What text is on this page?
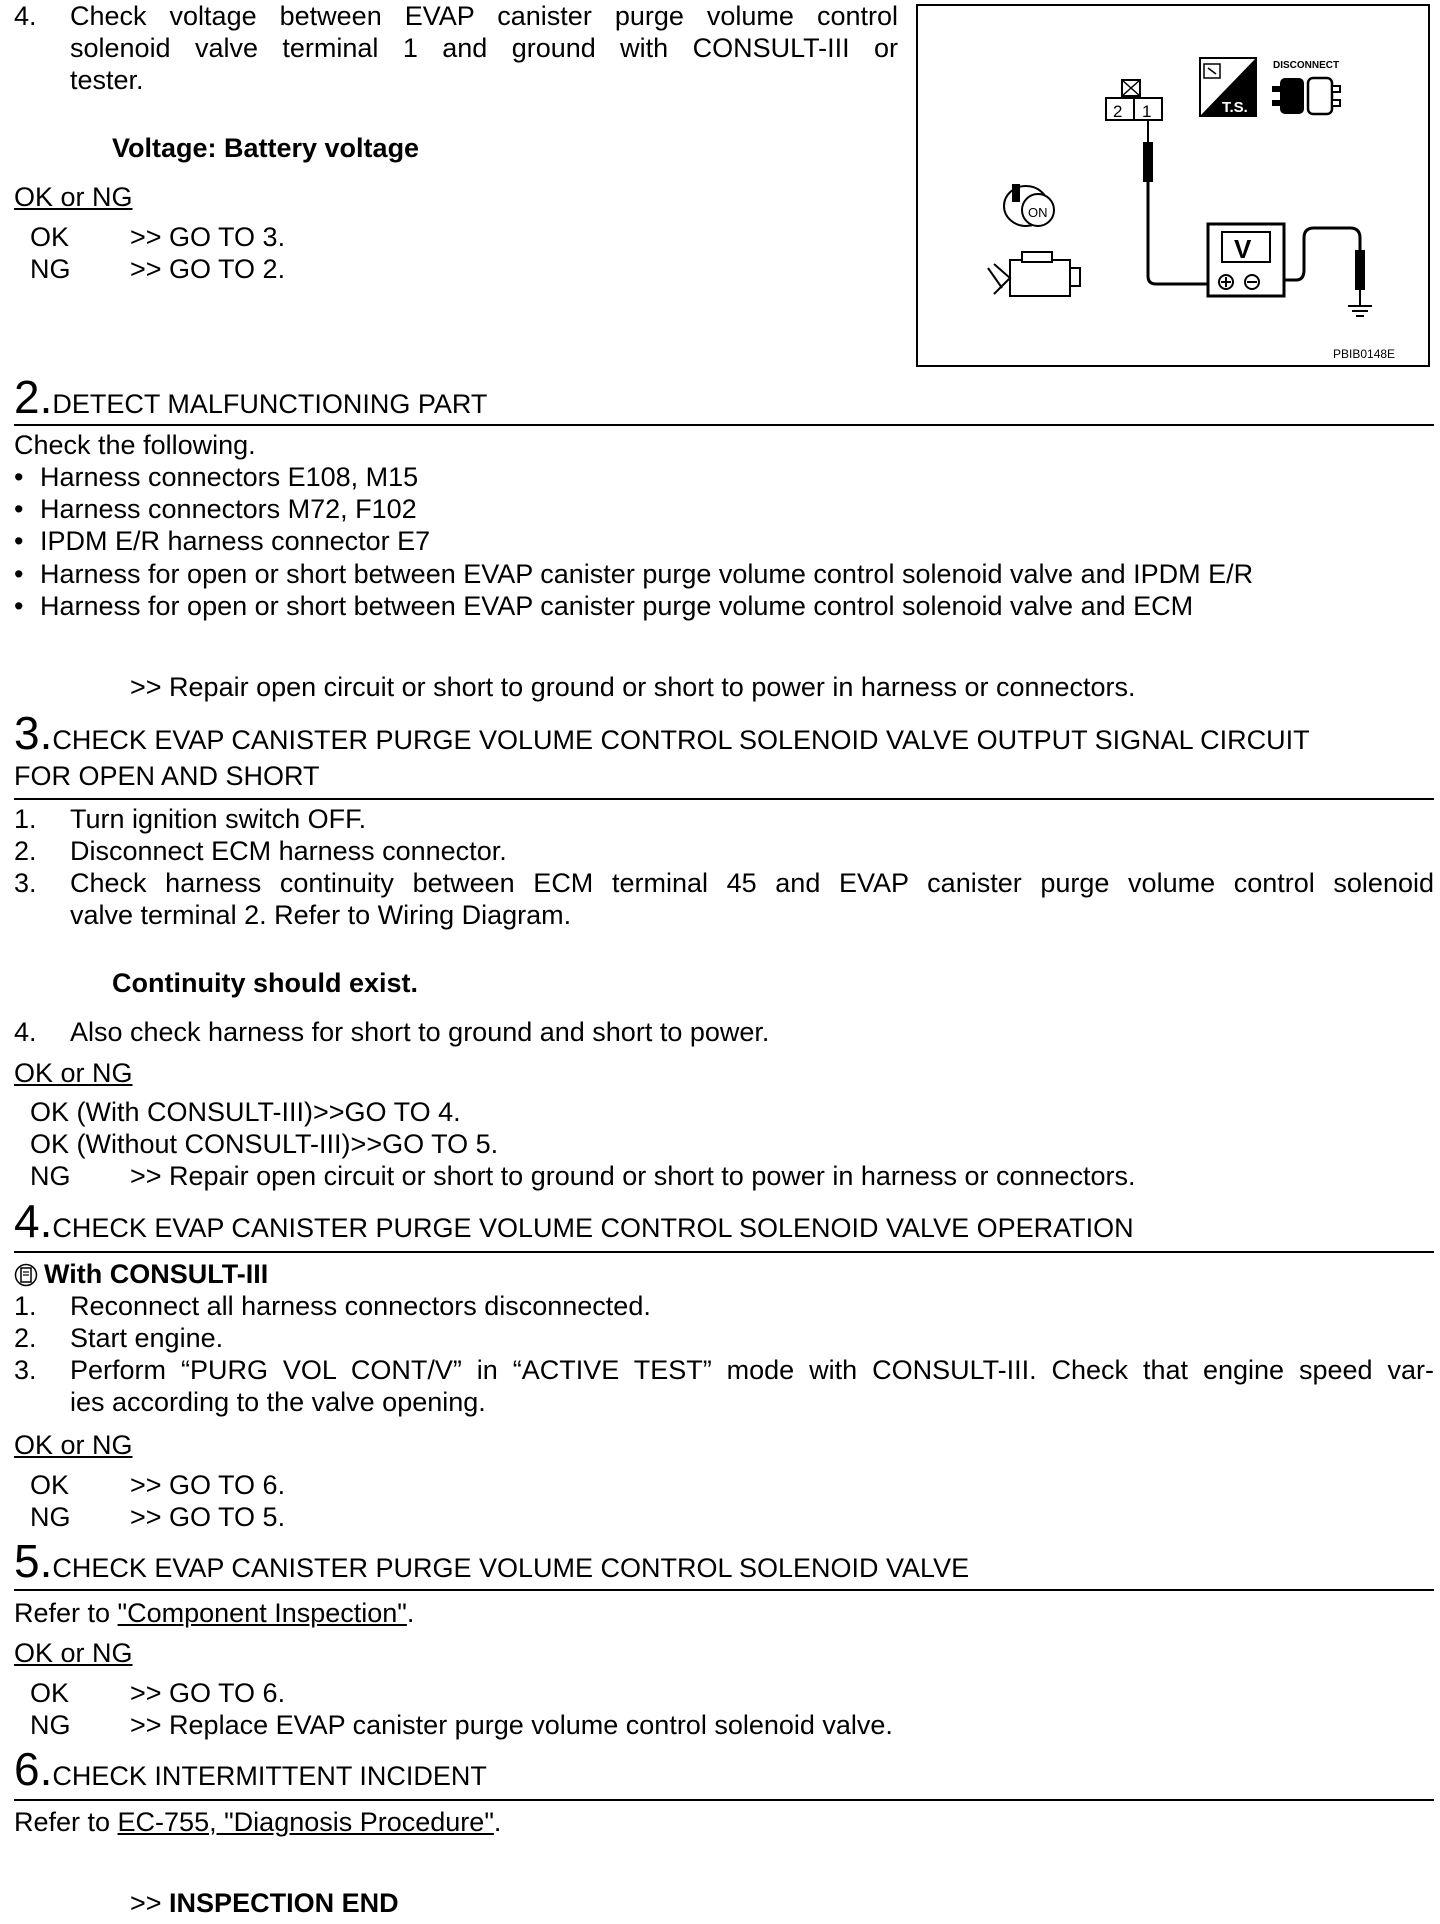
4. Check voltage between EVAP canister purge volume control
solenoid valve terminal 1 and ground with CONSULT-III or
tester.
Voltage: Battery voltage
OK or NG
OK >> GO TO 3.
NG >> GO TO 2.
2 1
V
T.S.
DISCONNECT
ON
PBIB0148E
2.DETECT MALFUNCTIONING PART
Check the following.
• Harness connectors E108, M15
• Harness connectors M72, F102
• IPDM E/R harness connector E7
• Harness for open or short between EVAP canister purge volume control solenoid valve and IPDM E/R
• Harness for open or short between EVAP canister purge volume control solenoid valve and ECM
>> Repair open circuit or short to ground or short to power in harness or connectors.
3.CHECK EVAP CANISTER PURGE VOLUME CONTROL SOLENOID VALVE OUTPUT SIGNAL CIRCUIT
FOR OPEN AND SHORT
1. Turn ignition switch OFF.
2. Disconnect ECM harness connector.
3. Check harness continuity between ECM terminal 45 and EVAP canister purge volume control solenoid
valve terminal 2. Refer to Wiring Diagram.
Continuity should exist.
4. Also check harness for short to ground and short to power.
OK or NG
OK (With CONSULT-III)>>GO TO 4.
OK (Without CONSULT-III)>>GO TO 5.
NG >> Repair open circuit or short to ground or short to power in harness or connectors.
4.CHECK EVAP CANISTER PURGE VOLUME CONTROL SOLENOID VALVE OPERATION
With CONSULT-III
1. Reconnect all harness connectors disconnected.
2. Start engine.
3. Perform “PURG VOL CONT/V” in “ACTIVE TEST” mode with CONSULT-III. Check that engine speed var-
ies according to the valve opening.
OK or NG
OK >> GO TO 6.
NG >> GO TO 5.
5.CHECK EVAP CANISTER PURGE VOLUME CONTROL SOLENOID VALVE
Refer to "Component Inspection".
OK or NG
OK >> GO TO 6.
NG >> Replace EVAP canister purge volume control solenoid valve.
6.CHECK INTERMITTENT INCIDENT
Refer to EC-755, "Diagnosis Procedure".
>> INSPECTION END
